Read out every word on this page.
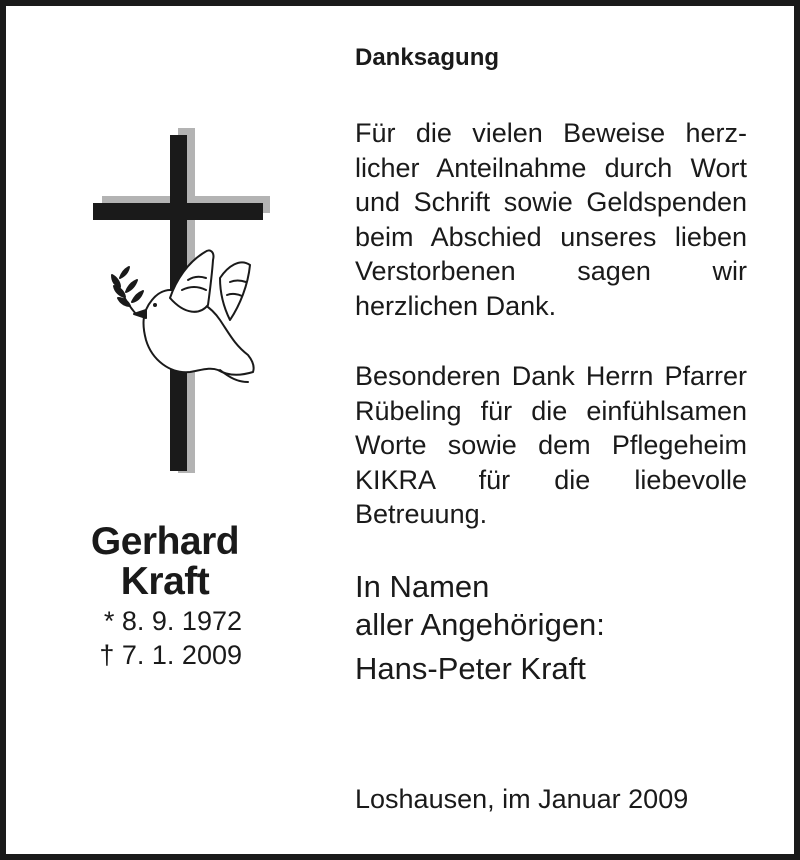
Gerhard
Kraft
* 8. 9. 1972
† 7. 1. 2009
Danksagung

Für die vielen Beweise herzlicher Anteilnahme durch Wort und Schrift sowie Geldspenden beim Abschied unseres lieben Verstorbenen sagen wir herzlichen Dank.

Besonderen Dank Herrn Pfarrer Rübeling für die einfühlsamen Worte sowie dem Pflegeheim KIKRA für die liebevolle Betreuung.

In Namen

aller Angehörigen:

Hans-Peter Kraft
Loshausen, im Januar 2009
